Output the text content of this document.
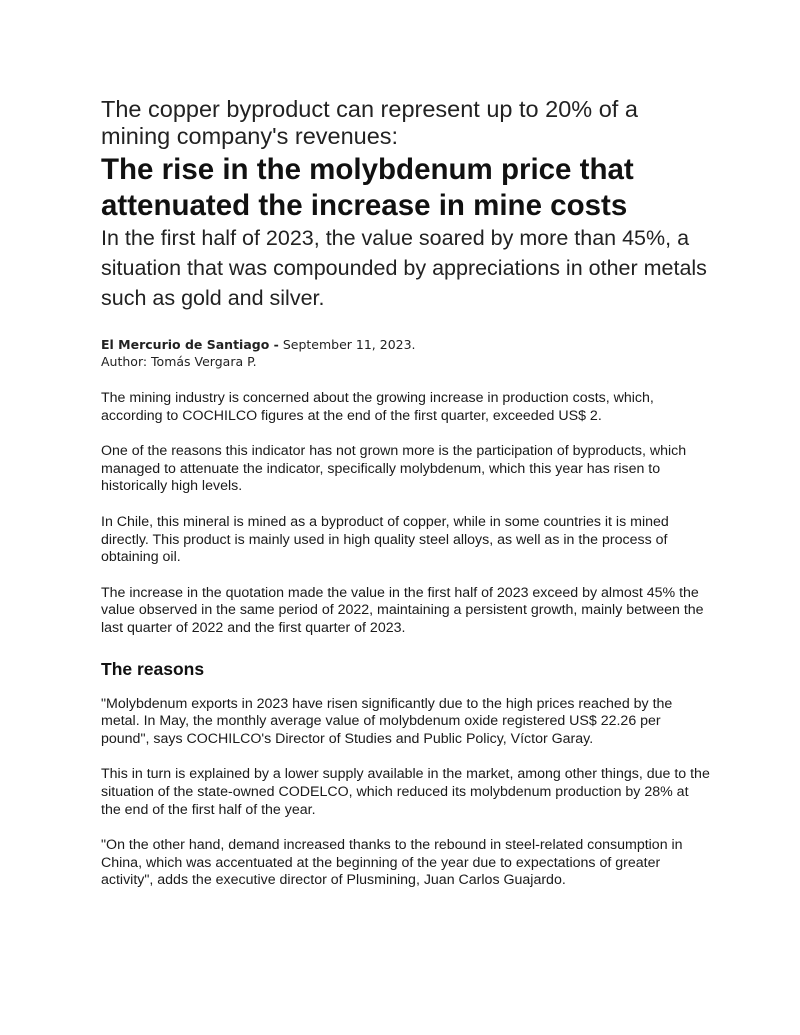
The copper byproduct can represent up to 20% of a mining company's revenues:

The rise in the molybdenum price that attenuated the increase in mine costs

In the first half of 2023, the value soared by more than 45%, a situation that was compounded by appreciations in other metals such as gold and silver.

El Mercurio de Santiago - September 11, 2023.
Author: Tomás Vergara P.

The mining industry is concerned about the growing increase in production costs, which, according to COCHILCO figures at the end of the first quarter, exceeded US$ 2.

One of the reasons this indicator has not grown more is the participation of byproducts, which managed to attenuate the indicator, specifically molybdenum, which this year has risen to historically high levels.

In Chile, this mineral is mined as a byproduct of copper, while in some countries it is mined directly. This product is mainly used in high quality steel alloys, as well as in the process of obtaining oil.

The increase in the quotation made the value in the first half of 2023 exceed by almost 45% the value observed in the same period of 2022, maintaining a persistent growth, mainly between the last quarter of 2022 and the first quarter of 2023.

The reasons

"Molybdenum exports in 2023 have risen significantly due to the high prices reached by the metal. In May, the monthly average value of molybdenum oxide registered US$ 22.26 per pound", says COCHILCO's Director of Studies and Public Policy, Víctor Garay.

This in turn is explained by a lower supply available in the market, among other things, due to the situation of the state-owned CODELCO, which reduced its molybdenum production by 28% at the end of the first half of the year.

"On the other hand, demand increased thanks to the rebound in steel-related consumption in China, which was accentuated at the beginning of the year due to expectations of greater activity", adds the executive director of Plusmining, Juan Carlos Guajardo.
